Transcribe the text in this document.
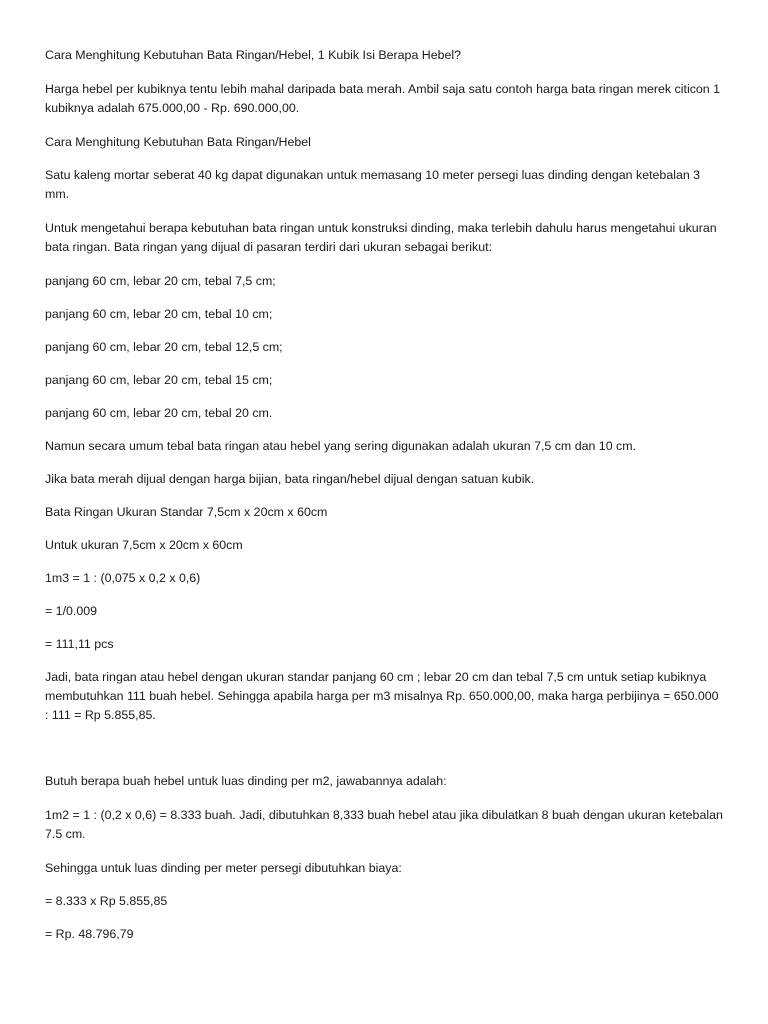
Cara Menghitung Kebutuhan Bata Ringan/Hebel, 1 Kubik Isi Berapa Hebel?

Harga hebel per kubiknya tentu lebih mahal daripada bata merah. Ambil saja satu contoh harga bata ringan merek citicon 1 kubiknya adalah 675.000,00 - Rp. 690.000,00.

Cara Menghitung Kebutuhan Bata Ringan/Hebel

Satu kaleng mortar seberat 40 kg dapat digunakan untuk memasang 10 meter persegi luas dinding dengan ketebalan 3 mm.

Untuk mengetahui berapa kebutuhan bata ringan untuk konstruksi dinding, maka terlebih dahulu harus mengetahui ukuran bata ringan. Bata ringan yang dijual di pasaran terdiri dari ukuran sebagai berikut:

panjang 60 cm, lebar 20 cm, tebal 7,5 cm;

panjang 60 cm, lebar 20 cm, tebal 10 cm;

panjang 60 cm, lebar 20 cm, tebal 12,5 cm;

panjang 60 cm, lebar 20 cm, tebal 15 cm;

panjang 60 cm, lebar 20 cm, tebal 20 cm.

Namun secara umum tebal bata ringan atau hebel yang sering digunakan adalah ukuran 7,5 cm dan 10 cm.

Jika bata merah dijual dengan harga bijian, bata ringan/hebel dijual dengan satuan kubik.

Bata Ringan Ukuran Standar 7,5cm x 20cm x 60cm

Untuk ukuran 7,5cm x 20cm x 60cm

1m3 = 1 : (0,075 x 0,2 x 0,6)

= 1/0.009

= 111,11 pcs

Jadi, bata ringan atau hebel dengan ukuran standar panjang 60 cm ; lebar 20 cm dan tebal 7,5 cm untuk setiap kubiknya membutuhkan 111 buah hebel. Sehingga apabila harga per m3 misalnya Rp. 650.000,00, maka harga perbijinya = 650.000 : 111 = Rp 5.855,85.

Butuh berapa buah hebel untuk luas dinding per m2, jawabannya adalah:

1m2 = 1 : (0,2 x 0,6) = 8.333 buah. Jadi, dibutuhkan 8,333 buah hebel atau jika dibulatkan 8 buah dengan ukuran ketebalan 7.5 cm.

Sehingga untuk luas dinding per meter persegi dibutuhkan biaya:

= 8.333 x Rp 5.855,85

= Rp. 48.796,79
